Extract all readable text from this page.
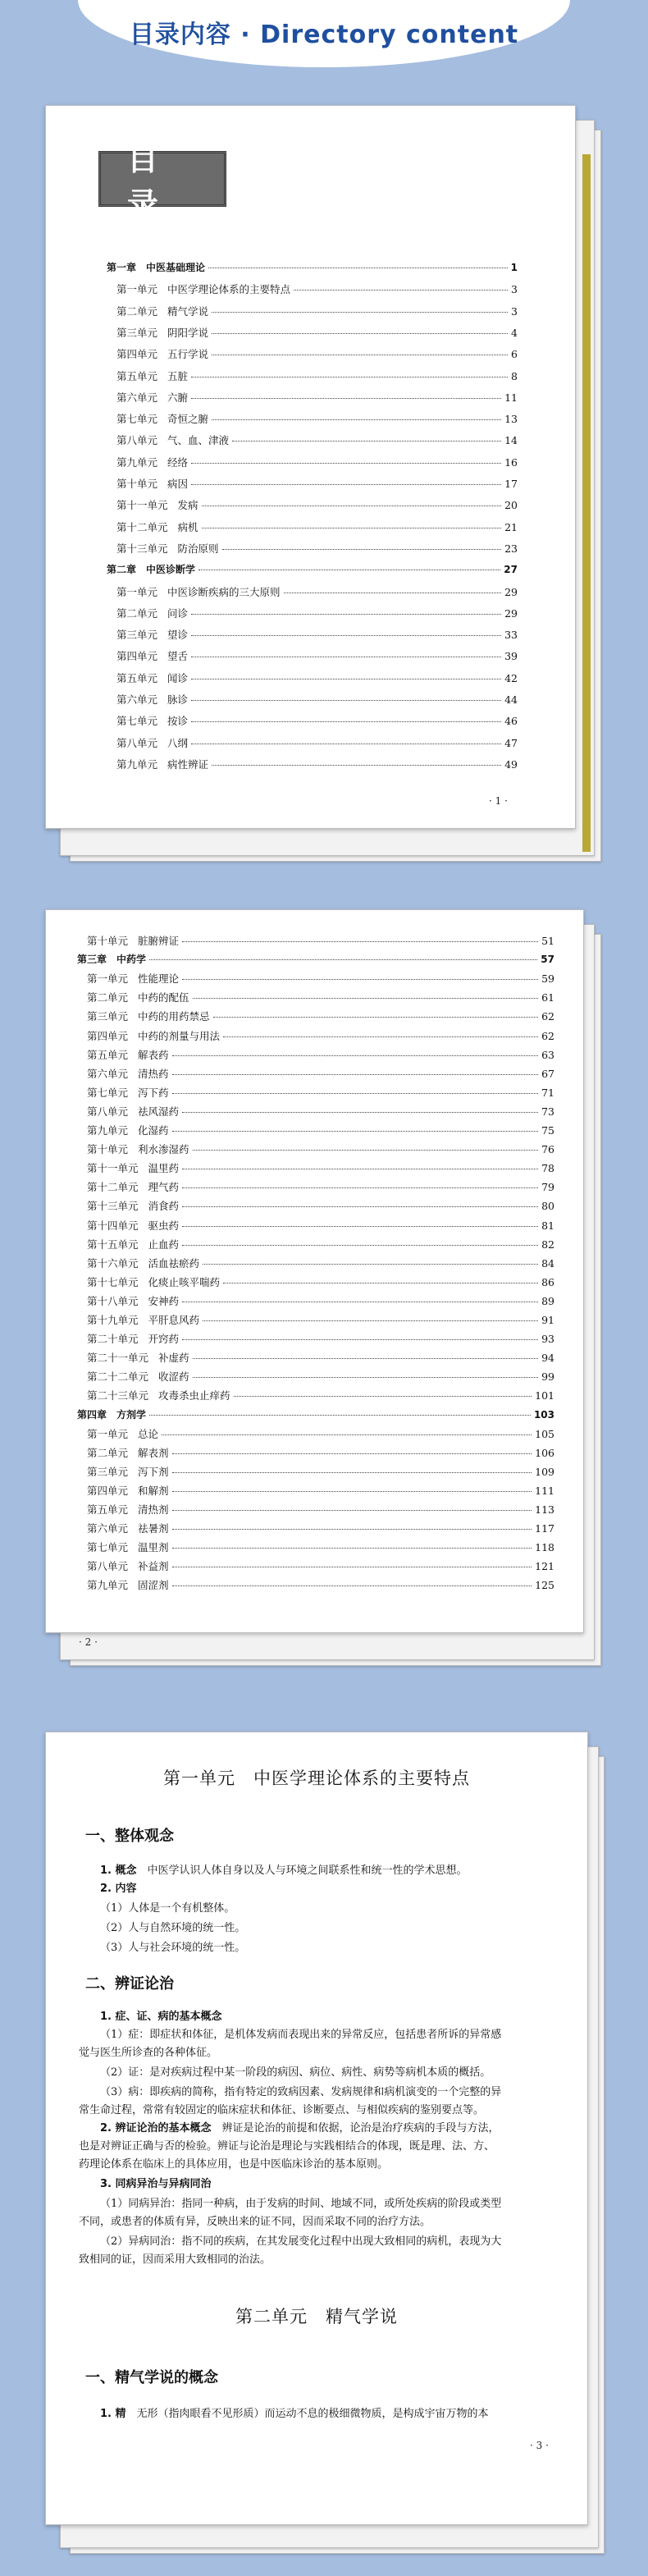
目录内容 · Directory content
目 录
第一章 中医基础理论	1
第一单元 中医学理论体系的主要特点	3
第二单元 精气学说	3
第三单元 阴阳学说	4
第四单元 五行学说	6
第五单元 五脏	8
第六单元 六腑	11
第七单元 奇恒之腑	13
第八单元 气、血、津液	14
第九单元 经络	16
第十单元 病因	17
第十一单元 发病	20
第十二单元 病机	21
第十三单元 防治原则	23
第二章 中医诊断学	27
第一单元 中医诊断疾病的三大原则	29
第二单元 问诊	29
第三单元 望诊	33
第四单元 望舌	39
第五单元 闻诊	42
第六单元 脉诊	44
第七单元 按诊	46
第八单元 八纲	47
第九单元 病性辨证	49
· 1 ·
第十单元 脏腑辨证	51
第三章 中药学	57
第一单元 性能理论	59
第二单元 中药的配伍	61
第三单元 中药的用药禁忌	62
第四单元 中药的剂量与用法	62
第五单元 解表药	63
第六单元 清热药	67
第七单元 泻下药	71
第八单元 祛风湿药	73
第九单元 化湿药	75
第十单元 利水渗湿药	76
第十一单元 温里药	78
第十二单元 理气药	79
第十三单元 消食药	80
第十四单元 驱虫药	81
第十五单元 止血药	82
第十六单元 活血祛瘀药	84
第十七单元 化痰止咳平喘药	86
第十八单元 安神药	89
第十九单元 平肝息风药	91
第二十单元 开窍药	93
第二十一单元 补虚药	94
第二十二单元 收涩药	99
第二十三单元 攻毒杀虫止痒药	101
第四章 方剂学	103
第一单元 总论	105
第二单元 解表剂	106
第三单元 泻下剂	109
第四单元 和解剂	111
第五单元 清热剂	113
第六单元 祛暑剂	117
第七单元 温里剂	118
第八单元 补益剂	121
第九单元 固涩剂	125
· 2 ·
第一单元　中医学理论体系的主要特点
一、整体观念
1. 概念　 中医学认识人体自身以及人与环境之间联系性和统一性的学术思想。
2. 内容
（1）人体是一个有机整体。
（2）人与自然环境的统一性。
（3）人与社会环境的统一性。
二、辨证论治
1. 症、证、病的基本概念
（1）症：即症状和体征，是机体发病而表现出来的异常反应，包括患者所诉的异常感
觉与医生所诊查的各种体征。
（2）证：是对疾病过程中某一阶段的病因、病位、病性、病势等病机本质的概括。
（3）病：即疾病的简称，指有特定的致病因素、发病规律和病机演变的一个完整的异
常生命过程，常常有较固定的临床症状和体征、诊断要点、与相似疾病的鉴别要点等。
2. 辨证论治的基本概念　 辨证是论治的前提和依据，论治是治疗疾病的手段与方法，
也是对辨证正确与否的检验。辨证与论治是理论与实践相结合的体现，既是理、法、方、
药理论体系在临床上的具体应用，也是中医临床诊治的基本原则。
3. 同病异治与异病同治
（1）同病异治：指同一种病，由于发病的时间、地域不同，或所处疾病的阶段或类型
不同，或患者的体质有异，反映出来的证不同，因而采取不同的治疗方法。
（2）异病同治：指不同的疾病，在其发展变化过程中出现大致相同的病机，表现为大
致相同的证，因而采用大致相同的治法。
第二单元　精气学说
一、精气学说的概念
1. 精　 无形（指肉眼看不见形质）而运动不息的极细微物质，是构成宇宙万物的本
· 3 ·
